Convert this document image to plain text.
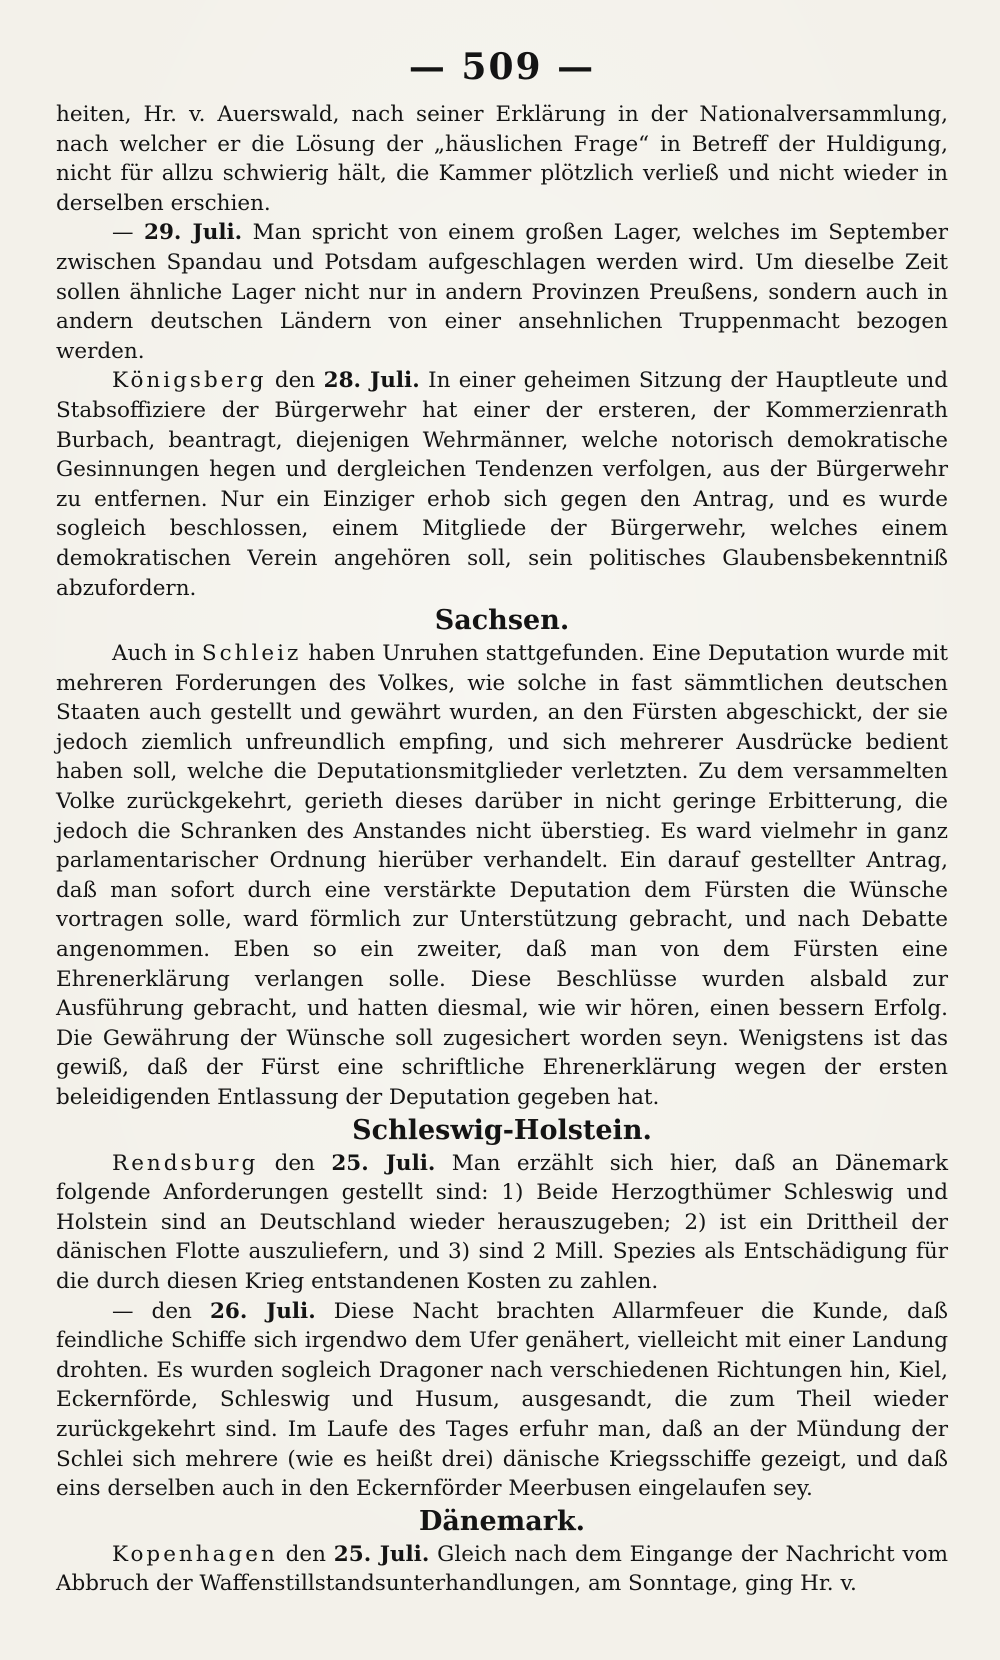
— 509 —

heiten, Hr. v. Auerswald, nach seiner Erklärung in der Nationalversammlung, nach welcher er die Lösung der „häuslichen Frage“ in Betreff der Huldigung, nicht für allzu schwierig hält, die Kammer plötzlich verließ und nicht wieder in derselben erschien.

— 29. Juli. Man spricht von einem großen Lager, welches im September zwischen Spandau und Potsdam aufgeschlagen werden wird. Um dieselbe Zeit sollen ähnliche Lager nicht nur in andern Provinzen Preußens, sondern auch in andern deutschen Ländern von einer ansehnlichen Truppenmacht bezogen werden.

Königsberg den 28. Juli. In einer geheimen Sitzung der Hauptleute und Stabsoffiziere der Bürgerwehr hat einer der ersteren, der Kommerzienrath Burbach, beantragt, diejenigen Wehrmänner, welche notorisch demokratische Gesinnungen hegen und dergleichen Tendenzen verfolgen, aus der Bürgerwehr zu entfernen. Nur ein Einziger erhob sich gegen den Antrag, und es wurde sogleich beschlossen, einem Mitgliede der Bürgerwehr, welches einem demokratischen Verein angehören soll, sein politisches Glaubensbekenntniß abzufordern.

Sachsen.

Auch in Schleiz haben Unruhen stattgefunden. Eine Deputation wurde mit mehreren Forderungen des Volkes, wie solche in fast sämmtlichen deutschen Staaten auch gestellt und gewährt wurden, an den Fürsten abgeschickt, der sie jedoch ziemlich unfreundlich empfing, und sich mehrerer Ausdrücke bedient haben soll, welche die Deputationsmitglieder verletzten. Zu dem versammelten Volke zurückgekehrt, gerieth dieses darüber in nicht geringe Erbitterung, die jedoch die Schranken des Anstandes nicht überstieg. Es ward vielmehr in ganz parlamentarischer Ordnung hierüber verhandelt. Ein darauf gestellter Antrag, daß man sofort durch eine verstärkte Deputation dem Fürsten die Wünsche vortragen solle, ward förmlich zur Unterstützung gebracht, und nach Debatte angenommen. Eben so ein zweiter, daß man von dem Fürsten eine Ehrenerklärung verlangen solle. Diese Beschlüsse wurden alsbald zur Ausführung gebracht, und hatten diesmal, wie wir hören, einen bessern Erfolg. Die Gewährung der Wünsche soll zugesichert worden seyn. Wenigstens ist das gewiß, daß der Fürst eine schriftliche Ehrenerklärung wegen der ersten beleidigenden Entlassung der Deputation gegeben hat.

Schleswig-Holstein.

Rendsburg den 25. Juli. Man erzählt sich hier, daß an Dänemark folgende Anforderungen gestellt sind: 1) Beide Herzogthümer Schleswig und Holstein sind an Deutschland wieder herauszugeben; 2) ist ein Drittheil der dänischen Flotte auszuliefern, und 3) sind 2 Mill. Spezies als Entschädigung für die durch diesen Krieg entstandenen Kosten zu zahlen.

— den 26. Juli. Diese Nacht brachten Allarmfeuer die Kunde, daß feindliche Schiffe sich irgendwo dem Ufer genähert, vielleicht mit einer Landung drohten. Es wurden sogleich Dragoner nach verschiedenen Richtungen hin, Kiel, Eckernförde, Schleswig und Husum, ausgesandt, die zum Theil wieder zurückgekehrt sind. Im Laufe des Tages erfuhr man, daß an der Mündung der Schlei sich mehrere (wie es heißt drei) dänische Kriegsschiffe gezeigt, und daß eins derselben auch in den Eckernförder Meerbusen eingelaufen sey.

Dänemark.

Kopenhagen den 25. Juli. Gleich nach dem Eingange der Nachricht vom Abbruch der Waffenstillstandsunterhandlungen, am Sonntage, ging Hr. v.
